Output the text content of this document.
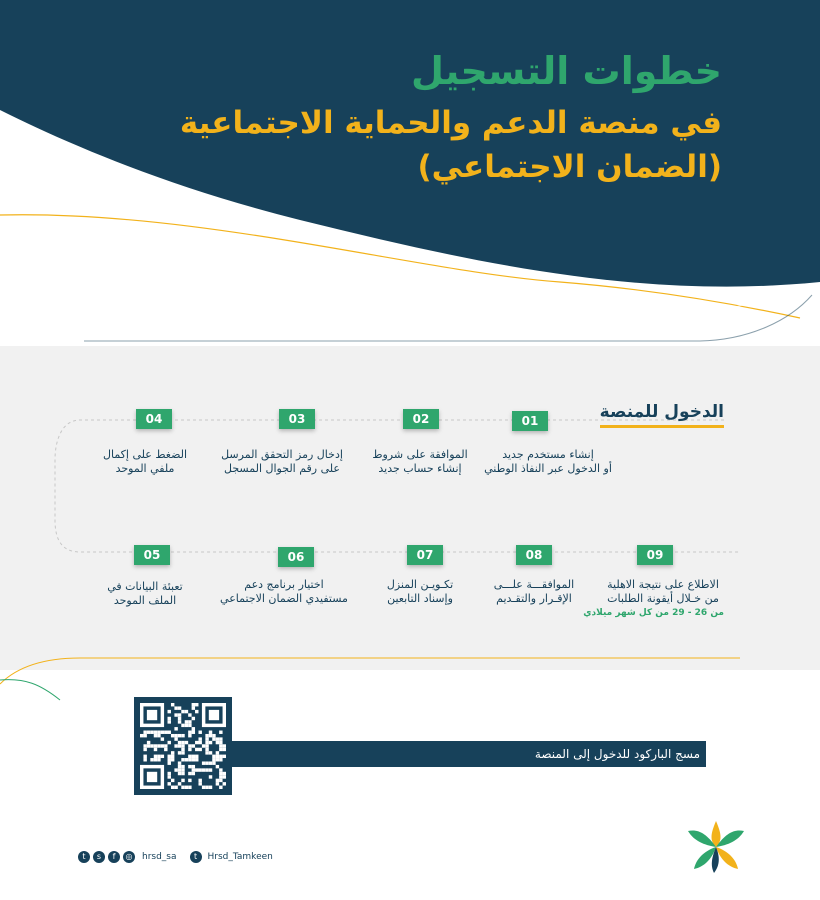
خطوات التسجيل
في منصة الدعم والحماية الاجتماعية
(الضمان الاجتماعي)
الدخول للمنصة
01
إنشاء مستخدم جديد
أو الدخول عبر النفاذ الوطني
02
الموافقة على شروط
إنشاء حساب جديد
03
إدخال رمز التحقق المرسل
على رقم الجوال المسجل
04
الضغط على إكمال
ملفي الموحد
05
تعبئة البيانات في
الملف الموحد
06
اختيار برنامج دعم
مستفيدي الضمان الاجتماعي
07
تكـويـن المنزل
وإسناد التابعين
08
الموافقـــة علـــى
الإقـرار والتقـديم
09
الاطلاع على نتيجة الاهلية
من خـلال أيقونة الطلبات
من 26 - 29 من كل شهر ميلادي
مسج الباركود للدخول إلى المنصة
t	s	f	◎ hrsd_sa	t	Hrsd_Tamkeen
